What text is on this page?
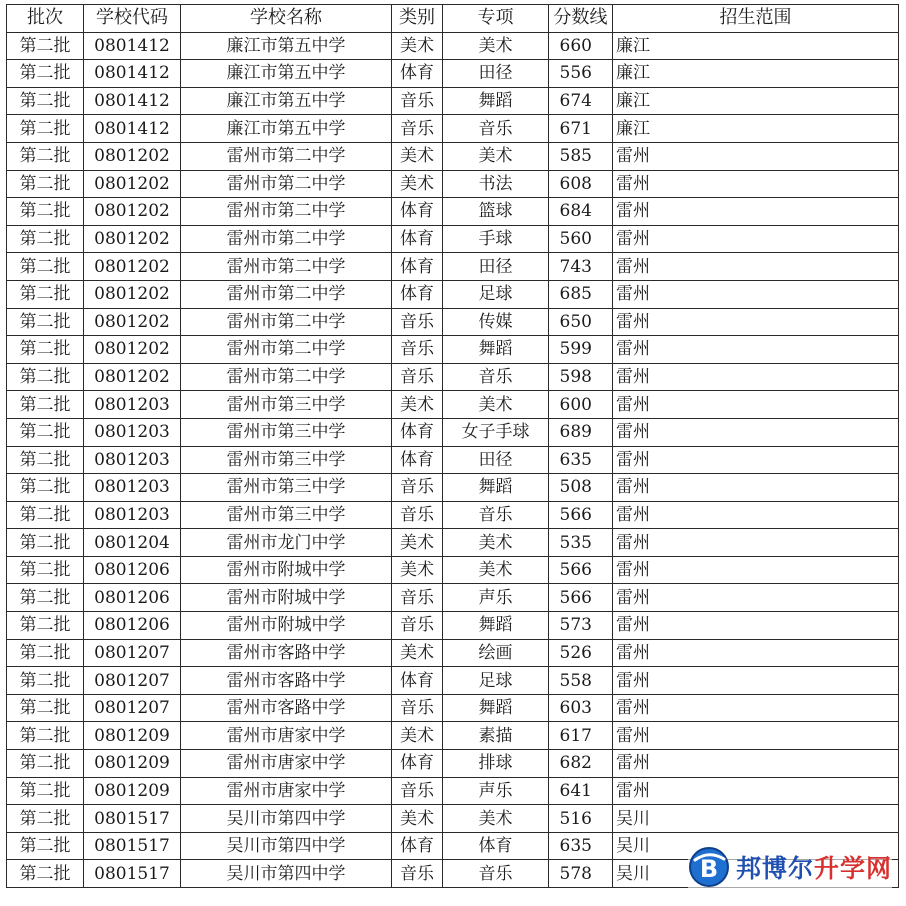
批次	学校代码	学校名称	类别	专项	分数线	招生范围
第二批	0801412	廉江市第五中学	美术	美术	660	廉江
第二批	0801412	廉江市第五中学	体育	田径	556	廉江
第二批	0801412	廉江市第五中学	音乐	舞蹈	674	廉江
第二批	0801412	廉江市第五中学	音乐	音乐	671	廉江
第二批	0801202	雷州市第二中学	美术	美术	585	雷州
第二批	0801202	雷州市第二中学	美术	书法	608	雷州
第二批	0801202	雷州市第二中学	体育	篮球	684	雷州
第二批	0801202	雷州市第二中学	体育	手球	560	雷州
第二批	0801202	雷州市第二中学	体育	田径	743	雷州
第二批	0801202	雷州市第二中学	体育	足球	685	雷州
第二批	0801202	雷州市第二中学	音乐	传媒	650	雷州
第二批	0801202	雷州市第二中学	音乐	舞蹈	599	雷州
第二批	0801202	雷州市第二中学	音乐	音乐	598	雷州
第二批	0801203	雷州市第三中学	美术	美术	600	雷州
第二批	0801203	雷州市第三中学	体育	女子手球	689	雷州
第二批	0801203	雷州市第三中学	体育	田径	635	雷州
第二批	0801203	雷州市第三中学	音乐	舞蹈	508	雷州
第二批	0801203	雷州市第三中学	音乐	音乐	566	雷州
第二批	0801204	雷州市龙门中学	美术	美术	535	雷州
第二批	0801206	雷州市附城中学	美术	美术	566	雷州
第二批	0801206	雷州市附城中学	音乐	声乐	566	雷州
第二批	0801206	雷州市附城中学	音乐	舞蹈	573	雷州
第二批	0801207	雷州市客路中学	美术	绘画	526	雷州
第二批	0801207	雷州市客路中学	体育	足球	558	雷州
第二批	0801207	雷州市客路中学	音乐	舞蹈	603	雷州
第二批	0801209	雷州市唐家中学	美术	素描	617	雷州
第二批	0801209	雷州市唐家中学	体育	排球	682	雷州
第二批	0801209	雷州市唐家中学	音乐	声乐	641	雷州
第二批	0801517	吴川市第四中学	美术	美术	516	吴川
第二批	0801517	吴川市第四中学	体育	体育	635	吴川
第二批	0801517	吴川市第四中学	音乐	音乐	578	吴川 B 邦博尔升学网
